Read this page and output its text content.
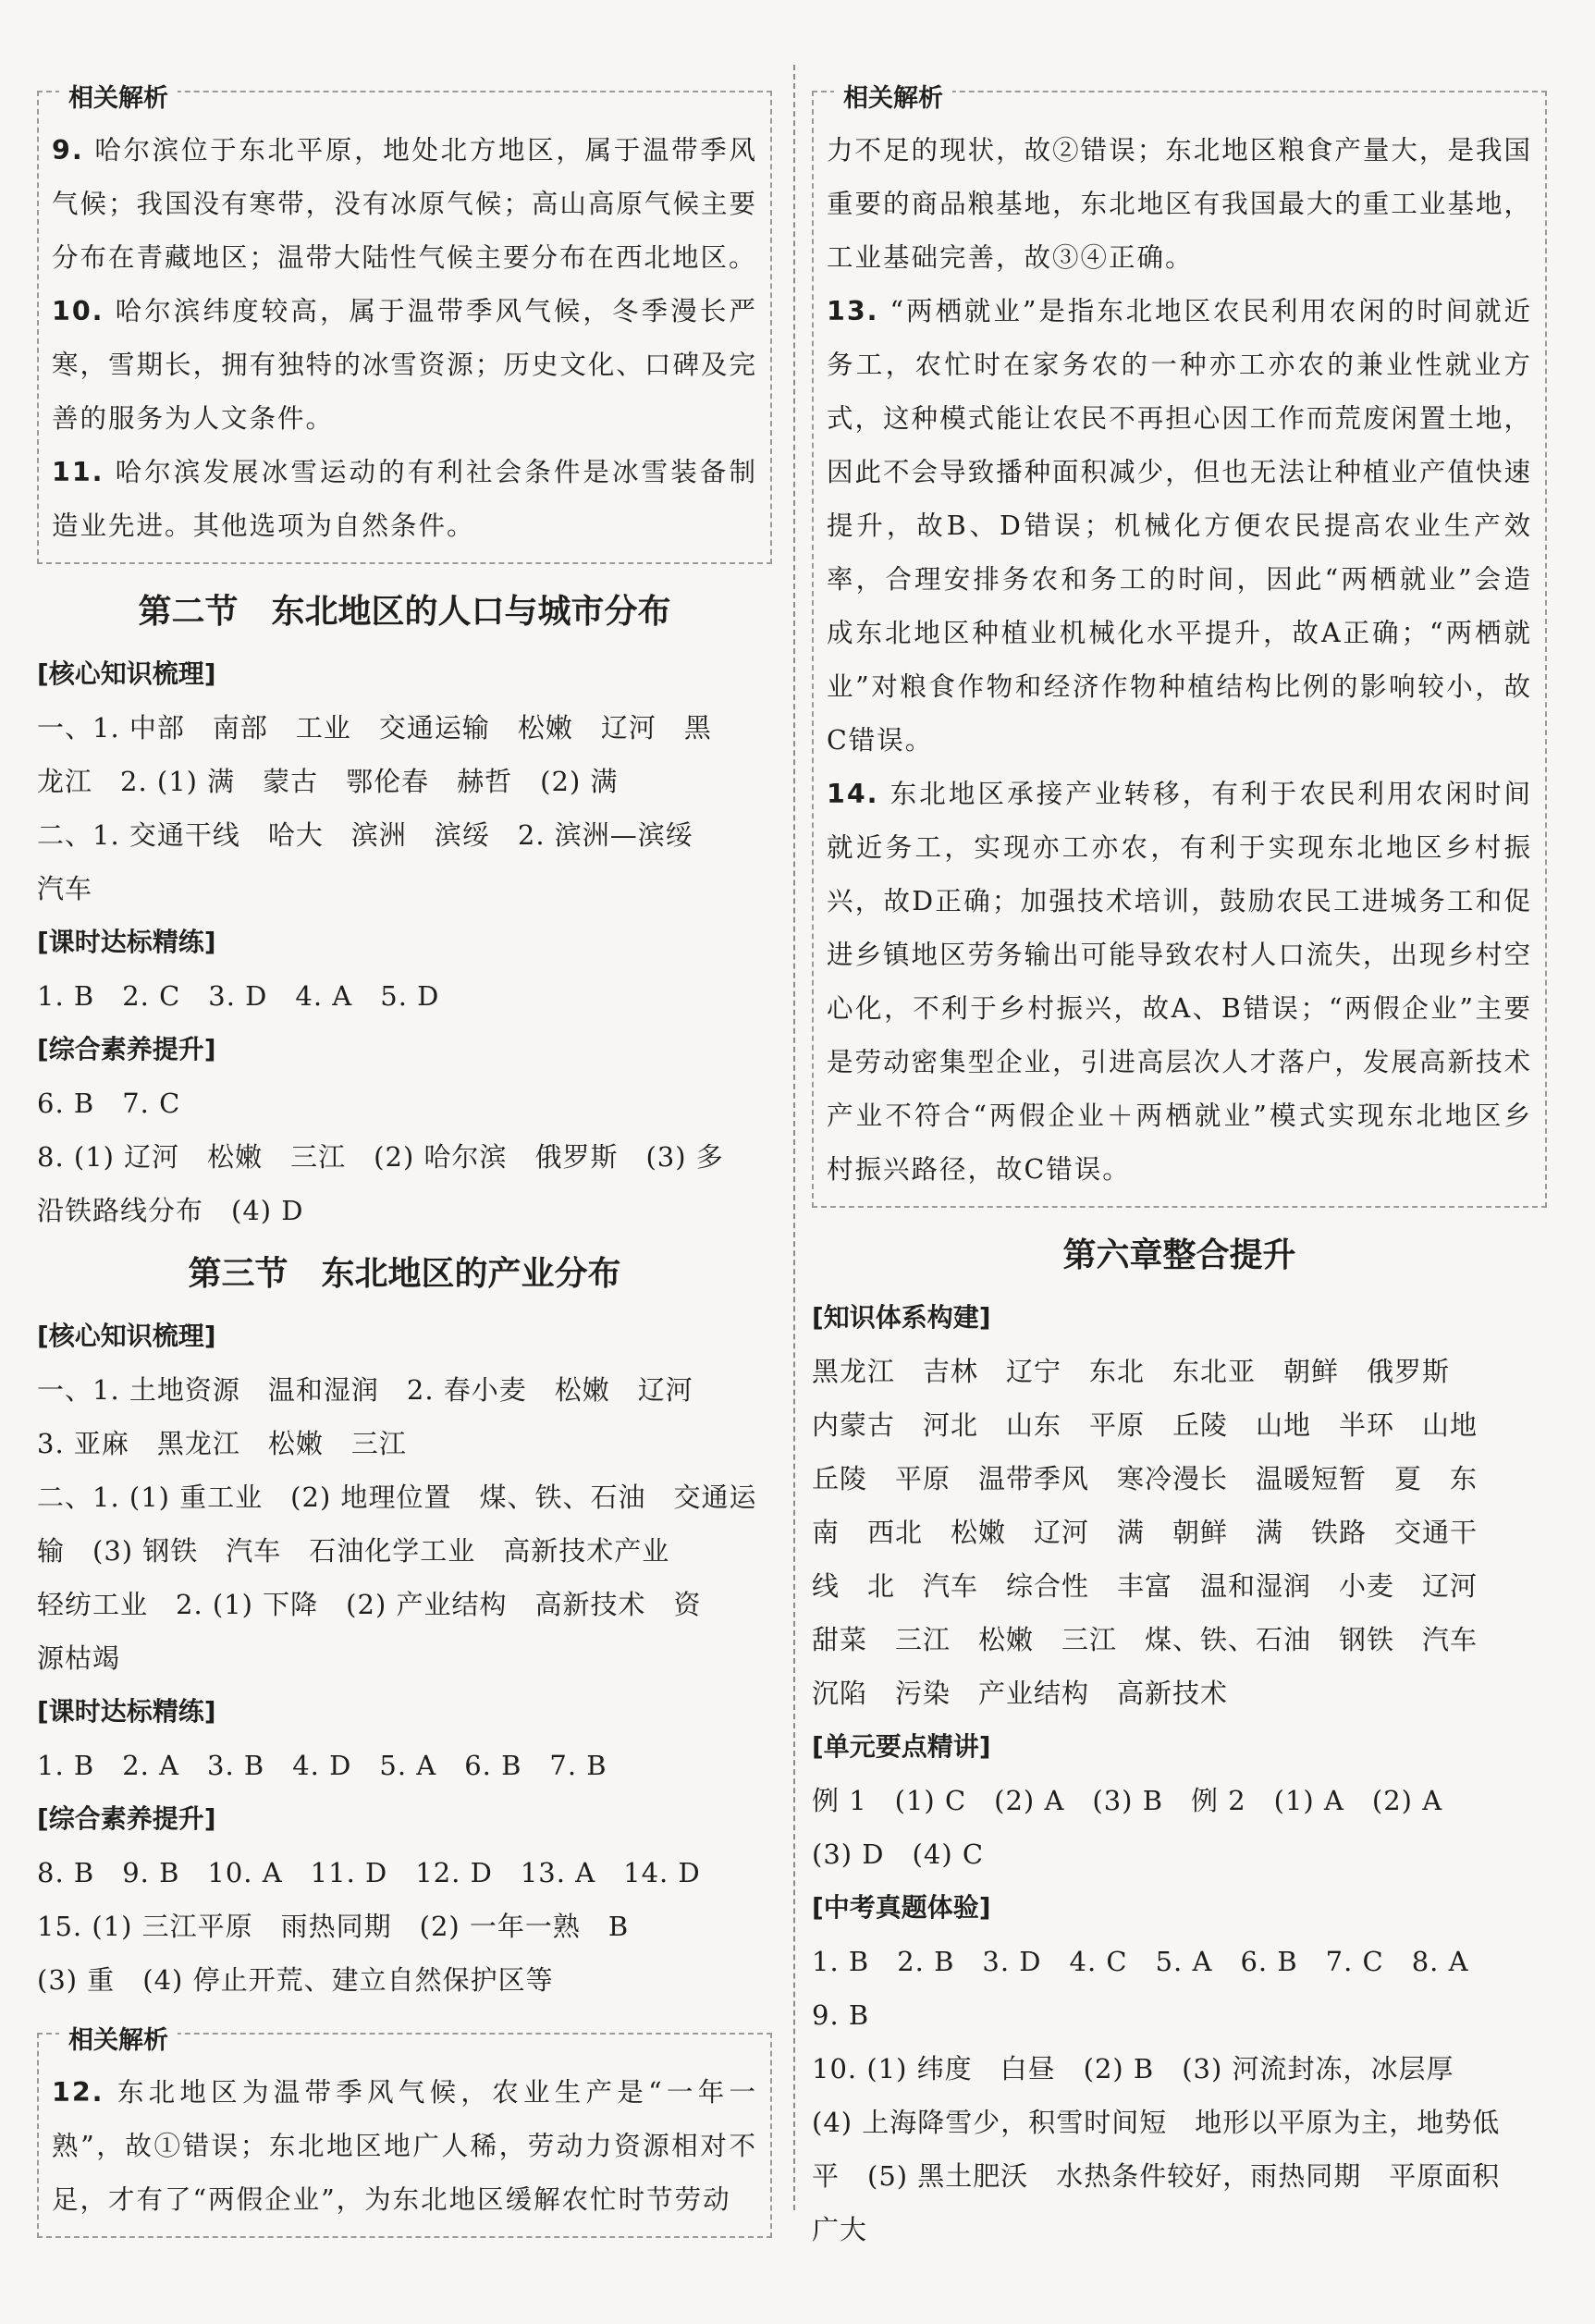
相关解析

9. 哈尔滨位于东北平原，地处北方地区，属于温带季风气候；我国没有寒带，没有冰原气候；高山高原气候主要分布在青藏地区；温带大陆性气候主要分布在西北地区。

10. 哈尔滨纬度较高，属于温带季风气候，冬季漫长严寒，雪期长，拥有独特的冰雪资源；历史文化、口碑及完善的服务为人文条件。

11. 哈尔滨发展冰雪运动的有利社会条件是冰雪装备制造业先进。其他选项为自然条件。

第二节　东北地区的人口与城市分布
[核心知识梳理]

一、1. 中部　南部　工业　交通运输　松嫩　辽河　黑

龙江　2. (1) 满　蒙古　鄂伦春　赫哲　(2) 满

二、1. 交通干线　哈大　滨洲　滨绥　2. 滨洲—滨绥

汽车

[课时达标精练]

1. B　2. C　3. D　4. A　5. D

[综合素养提升]

6. B　7. C

8. (1) 辽河　松嫩　三江　(2) 哈尔滨　俄罗斯　(3) 多

沿铁路线分布　(4) D

第三节　东北地区的产业分布
[核心知识梳理]

一、1. 土地资源　温和湿润　2. 春小麦　松嫩　辽河

3. 亚麻　黑龙江　松嫩　三江

二、1. (1) 重工业　(2) 地理位置　煤、铁、石油　交通运

输　(3) 钢铁　汽车　石油化学工业　高新技术产业

轻纺工业　2. (1) 下降　(2) 产业结构　高新技术　资

源枯竭

[课时达标精练]

1. B　2. A　3. B　4. D　5. A　6. B　7. B

[综合素养提升]

8. B　9. B　10. A　11. D　12. D　13. A　14. D

15. (1) 三江平原　雨热同期　(2) 一年一熟　B

(3) 重　(4) 停止开荒、建立自然保护区等

相关解析

12. 东北地区为温带季风气候，农业生产是“一年一熟”，故①错误；东北地区地广人稀，劳动力资源相对不足，才有了“两假企业”，为东北地区缓解农忙时节劳动

相关解析

力不足的现状，故②错误；东北地区粮食产量大，是我国重要的商品粮基地，东北地区有我国最大的重工业基地，工业基础完善，故③④正确。

13. “两栖就业”是指东北地区农民利用农闲的时间就近务工，农忙时在家务农的一种亦工亦农的兼业性就业方式，这种模式能让农民不再担心因工作而荒废闲置土地，因此不会导致播种面积减少，但也无法让种植业产值快速提升，故B、D错误；机械化方便农民提高农业生产效率，合理安排务农和务工的时间，因此“两栖就业”会造成东北地区种植业机械化水平提升，故A正确；“两栖就业”对粮食作物和经济作物种植结构比例的影响较小，故C错误。

14. 东北地区承接产业转移，有利于农民利用农闲时间就近务工，实现亦工亦农，有利于实现东北地区乡村振兴，故D正确；加强技术培训，鼓励农民工进城务工和促进乡镇地区劳务输出可能导致农村人口流失，出现乡村空心化，不利于乡村振兴，故A、B错误；“两假企业”主要是劳动密集型企业，引进高层次人才落户，发展高新技术产业不符合“两假企业＋两栖就业”模式实现东北地区乡村振兴路径，故C错误。

第六章整合提升
[知识体系构建]

黑龙江　吉林　辽宁　东北　东北亚　朝鲜　俄罗斯

内蒙古　河北　山东　平原　丘陵　山地　半环　山地

丘陵　平原　温带季风　寒冷漫长　温暖短暂　夏　东

南　西北　松嫩　辽河　满　朝鲜　满　铁路　交通干

线　北　汽车　综合性　丰富　温和湿润　小麦　辽河

甜菜　三江　松嫩　三江　煤、铁、石油　钢铁　汽车

沉陷　污染　产业结构　高新技术

[单元要点精讲]

例 1　(1) C　(2) A　(3) B　例 2　(1) A　(2) A

(3) D　(4) C

[中考真题体验]

1. B　2. B　3. D　4. C　5. A　6. B　7. C　8. A

9. B

10. (1) 纬度　白昼　(2) B　(3) 河流封冻，冰层厚

(4) 上海降雪少，积雪时间短　地形以平原为主，地势低

平　(5) 黑土肥沃　水热条件较好，雨热同期　平原面积

广大
